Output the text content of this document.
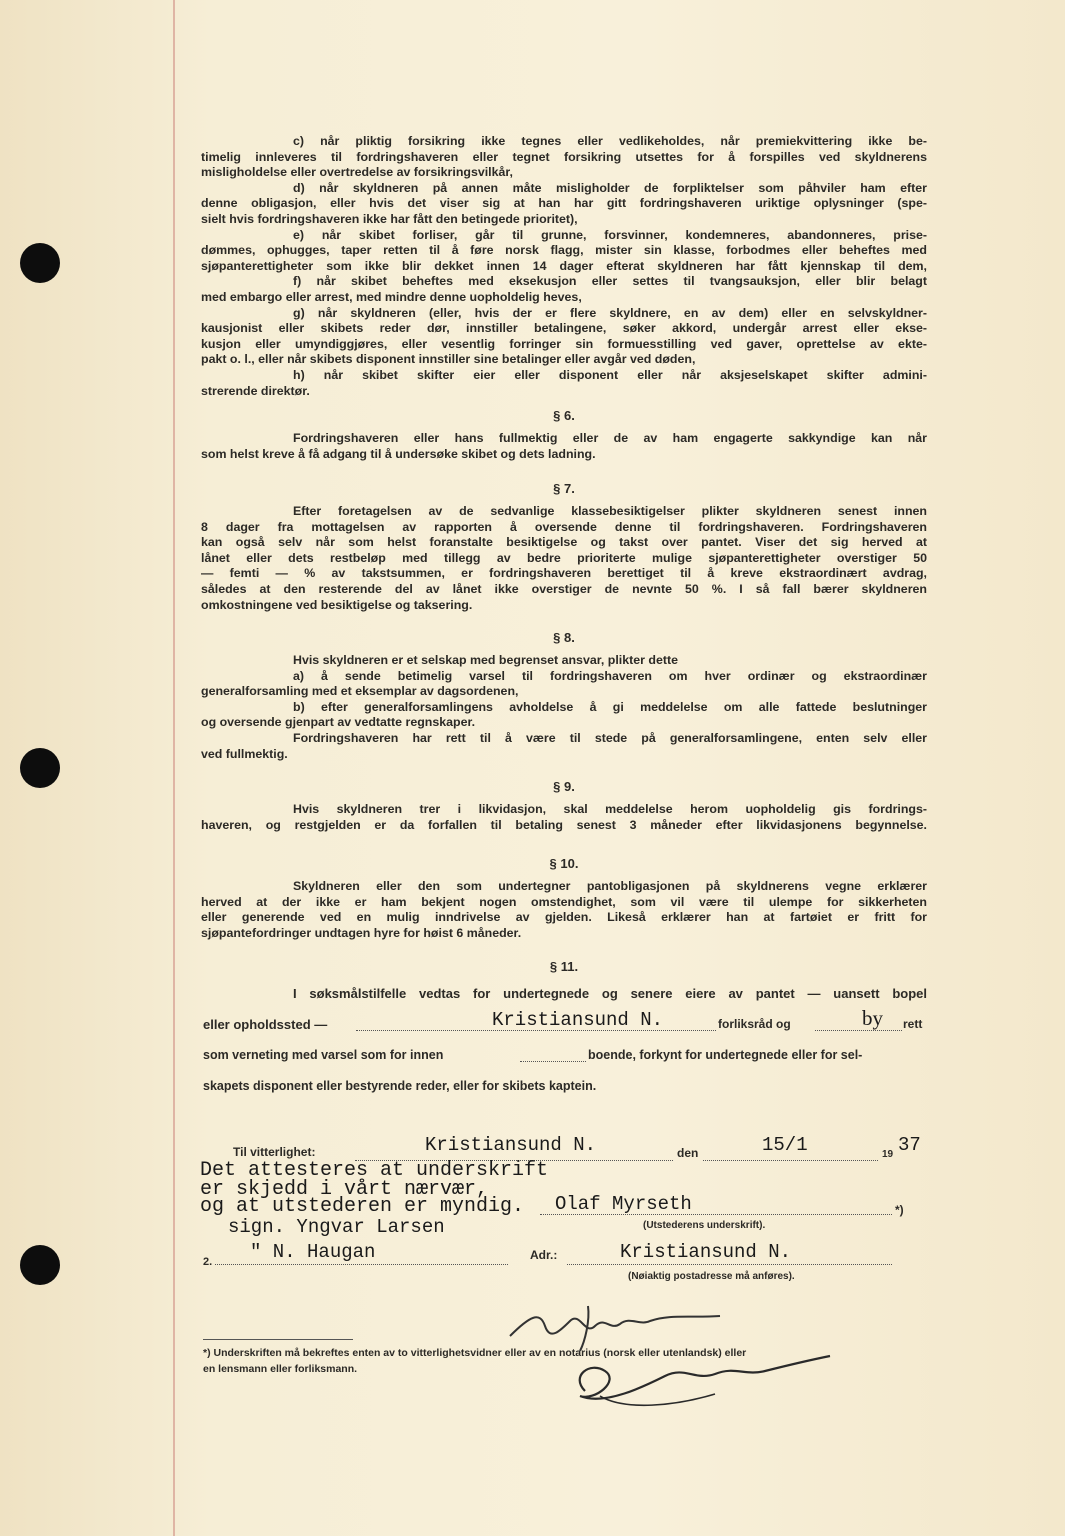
c) når pliktig forsikring ikke tegnes eller vedlikeholdes, når premiekvittering ikke be-
timelig innleveres til fordringshaveren eller tegnet forsikring utsettes for å forspilles ved skyldnerens
misligholdelse eller overtredelse av forsikringsvilkår,
d) når skyldneren på annen måte misligholder de forpliktelser som påhviler ham efter
denne obligasjon, eller hvis det viser sig at han har gitt fordringshaveren uriktige oplysninger (spe-
sielt hvis fordringshaveren ikke har fått den betingede prioritet),
e) når skibet forliser, går til grunne, forsvinner, kondemneres, abandonneres, prise-
dømmes, ophugges, taper retten til å føre norsk flagg, mister sin klasse, forbodmes eller beheftes med
sjøpanterettigheter som ikke blir dekket innen 14 dager efterat skyldneren har fått kjennskap til dem,
f) når skibet beheftes med eksekusjon eller settes til tvangsauksjon, eller blir belagt
med embargo eller arrest, med mindre denne uopholdelig heves,
g) når skyldneren (eller, hvis der er flere skyldnere, en av dem) eller en selvskyldner-
kausjonist eller skibets reder dør, innstiller betalingene, søker akkord, undergår arrest eller ekse-
kusjon eller umyndiggjøres, eller vesentlig forringer sin formuesstilling ved gaver, oprettelse av ekte-
pakt o. l., eller når skibets disponent innstiller sine betalinger eller avgår ved døden,
h) når skibet skifter eier eller disponent eller når aksjeselskapet skifter admini-
strerende direktør.
§ 6.
Fordringshaveren eller hans fullmektig eller de av ham engagerte sakkyndige kan når
som helst kreve å få adgang til å undersøke skibet og dets ladning.
§ 7.
Efter foretagelsen av de sedvanlige klassebesiktigelser plikter skyldneren senest innen
8 dager fra mottagelsen av rapporten å oversende denne til fordringshaveren. Fordringshaveren
kan også selv når som helst foranstalte besiktigelse og takst over pantet. Viser det sig herved at
lånet eller dets restbeløp med tillegg av bedre prioriterte mulige sjøpanterettigheter overstiger 50
— femti — % av takstsummen, er fordringshaveren berettiget til å kreve ekstraordinært avdrag,
således at den resterende del av lånet ikke overstiger de nevnte 50 %. I så fall bærer skyldneren
omkostningene ved besiktigelse og taksering.
§ 8.
Hvis skyldneren er et selskap med begrenset ansvar, plikter dette
a) å sende betimelig varsel til fordringshaveren om hver ordinær og ekstraordinær
generalforsamling med et eksemplar av dagsordenen,
b) efter generalforsamlingens avholdelse å gi meddelelse om alle fattede beslutninger
og oversende gjenpart av vedtatte regnskaper.
Fordringshaveren har rett til å være til stede på generalforsamlingene, enten selv eller
ved fullmektig.
§ 9.
Hvis skyldneren trer i likvidasjon, skal meddelelse herom uopholdelig gis fordrings-
haveren, og restgjelden er da forfallen til betaling senest 3 måneder efter likvidasjonens begynnelse.
§ 10.
Skyldneren eller den som undertegner pantobligasjonen på skyldnerens vegne erklærer
herved at der ikke er ham bekjent nogen omstendighet, som vil være til ulempe for sikkerheten
eller generende ved en mulig inndrivelse av gjelden. Likeså erklærer han at fartøiet er fritt for
sjøpantefordringer undtagen hyre for høist 6 måneder.
§ 11.
I søksmålstilfelle vedtas for undertegnede og senere eiere av pantet — uansett bopel
eller opholdssted —	Kristiansund N.	forliksråd og	by rett
som verneting med varsel som for innen	boende, forkynt for undertegnede eller for sel-
skapets disponent eller bestyrende reder, eller for skibets kaptein.
Til vitterlighet:	Kristiansund N.	den	15/1	19 37
Det attesteres at underskrift
er skjedd i vårt nærvær,
og at utstederen er myndig. Olaf Myrseth	*)
(Utstederens underskrift).
sign. Yngvar Larsen
2. " N. Haugan	Adr.:	Kristiansund N.
(Nøiaktig postadresse må anføres).
*) Underskriften må bekreftes enten av to vitterlighetsvidner eller av en notarius (norsk eller utenlandsk) eller
en lensmann eller forliksmann.
